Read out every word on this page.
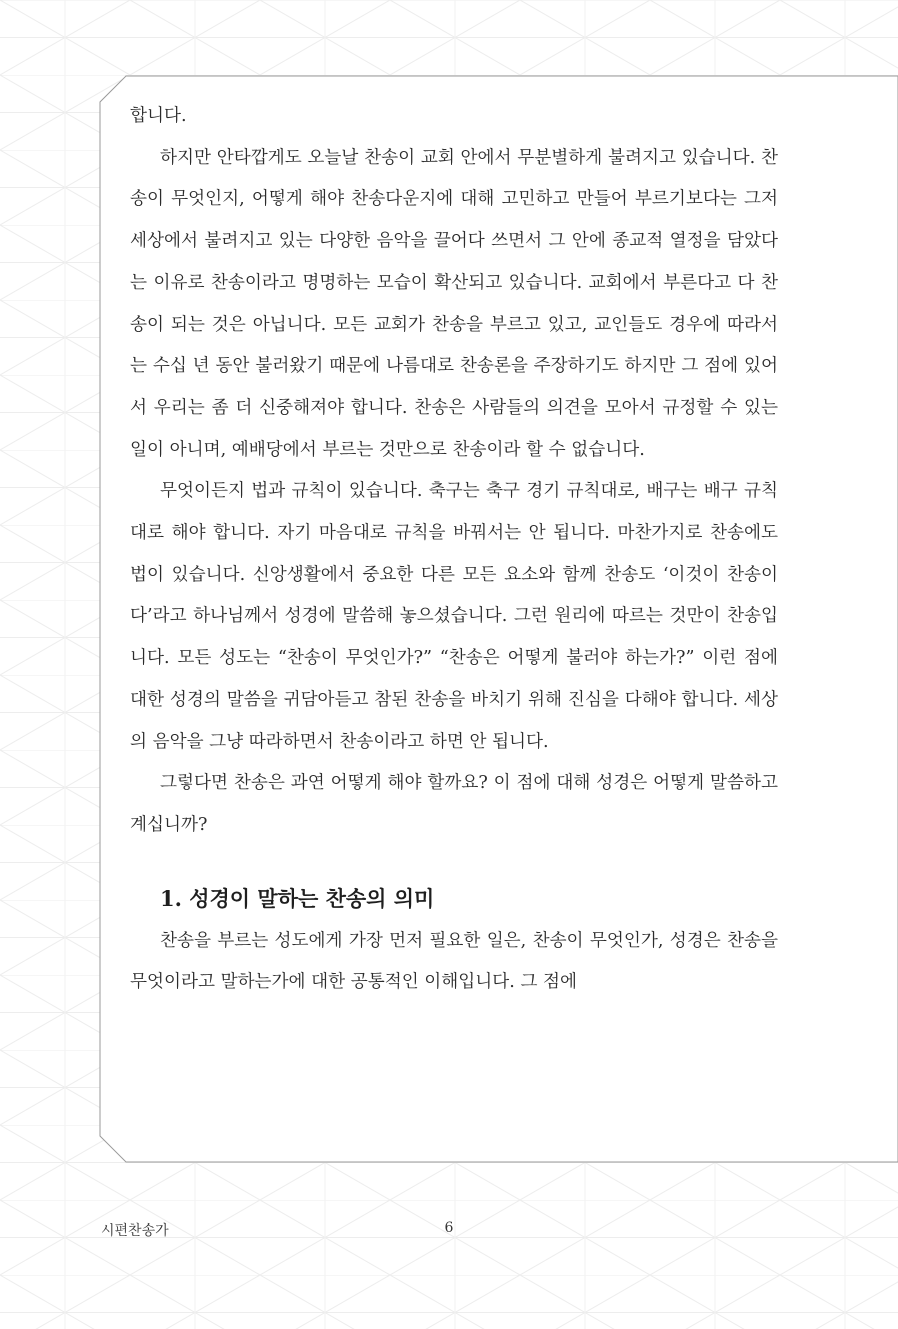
합니다.

하지만 안타깝게도 오늘날 찬송이 교회 안에서 무분별하게 불려지고 있습니다. 찬송이 무엇인지, 어떻게 해야 찬송다운지에 대해 고민하고 만들어 부르기보다는 그저 세상에서 불려지고 있는 다양한 음악을 끌어다 쓰면서 그 안에 종교적 열정을 담았다는 이유로 찬송이라고 명명하는 모습이 확산되고 있습니다. 교회에서 부른다고 다 찬송이 되는 것은 아닙니다. 모든 교회가 찬송을 부르고 있고, 교인들도 경우에 따라서는 수십 년 동안 불러왔기 때문에 나름대로 찬송론을 주장하기도 하지만 그 점에 있어서 우리는 좀 더 신중해져야 합니다. 찬송은 사람들의 의견을 모아서 규정할 수 있는 일이 아니며, 예배당에서 부르는 것만으로 찬송이라 할 수 없습니다.

무엇이든지 법과 규칙이 있습니다. 축구는 축구 경기 규칙대로, 배구는 배구 규칙대로 해야 합니다. 자기 마음대로 규칙을 바꿔서는 안 됩니다. 마찬가지로 찬송에도 법이 있습니다. 신앙생활에서 중요한 다른 모든 요소와 함께 찬송도 ‘이것이 찬송이다’라고 하나님께서 성경에 말씀해 놓으셨습니다. 그런 원리에 따르는 것만이 찬송입니다. 모든 성도는 “찬송이 무엇인가?” “찬송은 어떻게 불러야 하는가?” 이런 점에 대한 성경의 말씀을 귀담아듣고 참된 찬송을 바치기 위해 진심을 다해야 합니다. 세상의 음악을 그냥 따라하면서 찬송이라고 하면 안 됩니다.

그렇다면 찬송은 과연 어떻게 해야 할까요? 이 점에 대해 성경은 어떻게 말씀하고 계십니까?

1. 성경이 말하는 찬송의 의미

찬송을 부르는 성도에게 가장 먼저 필요한 일은, 찬송이 무엇인가, 성경은 찬송을 무엇이라고 말하는가에 대한 공통적인 이해입니다. 그 점에

시편찬송가	6
